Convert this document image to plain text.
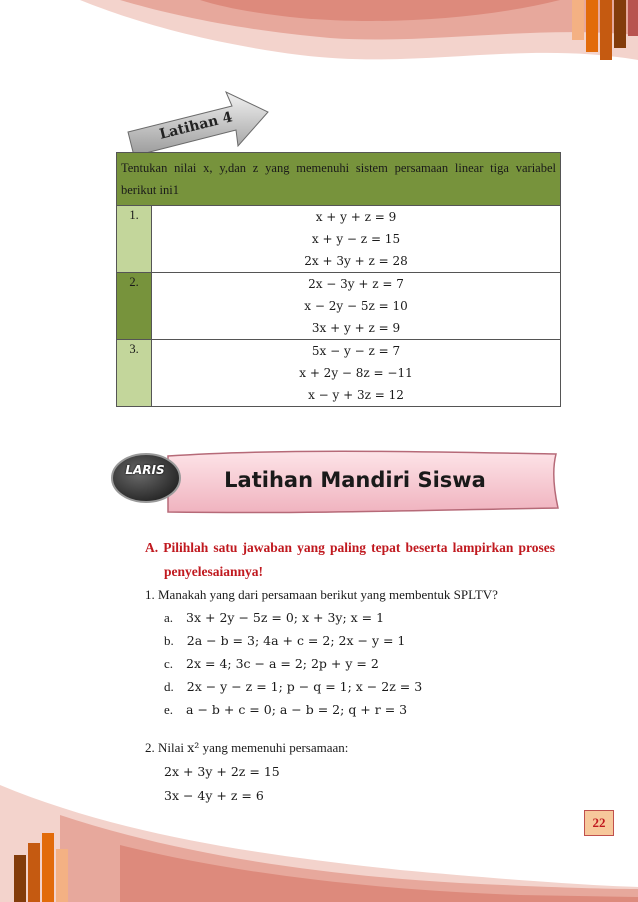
Latihan 4
Tentukan nilai x, y,dan z yang memenuhi sistem persamaan linear tiga variabel
berikut ini1	

1.	x + y + z = 9
x + y − z = 15
2x + 3y + z = 28

2.	2x − 3y + z = 7
x − 2y − 5z = 10
3x + y + z = 9

3.	5x − y − z = 7
x + 2y − 8z = −11
x − y + 3z = 12
LARIS	Latihan Mandiri Siswa
A. Pilihlah satu jawaban yang paling tepat beserta lampirkan proses
penyelesaiannya!
1. Manakah yang dari persamaan berikut yang membentuk SPLTV?
a. 3x + 2y − 5z = 0; x + 3y; x = 1
b. 2a − b = 3; 4a + c = 2; 2x − y = 1
c. 2x = 4; 3c − a = 2; 2p + y = 2
d. 2x − y − z = 1; p − q = 1; x − 2z = 3
e. a − b + c = 0; a − b = 2; q + r = 3
2. Nilai x² yang memenuhi persamaan:
2x + 3y + 2z = 15
3x − 4y + z = 6
22
